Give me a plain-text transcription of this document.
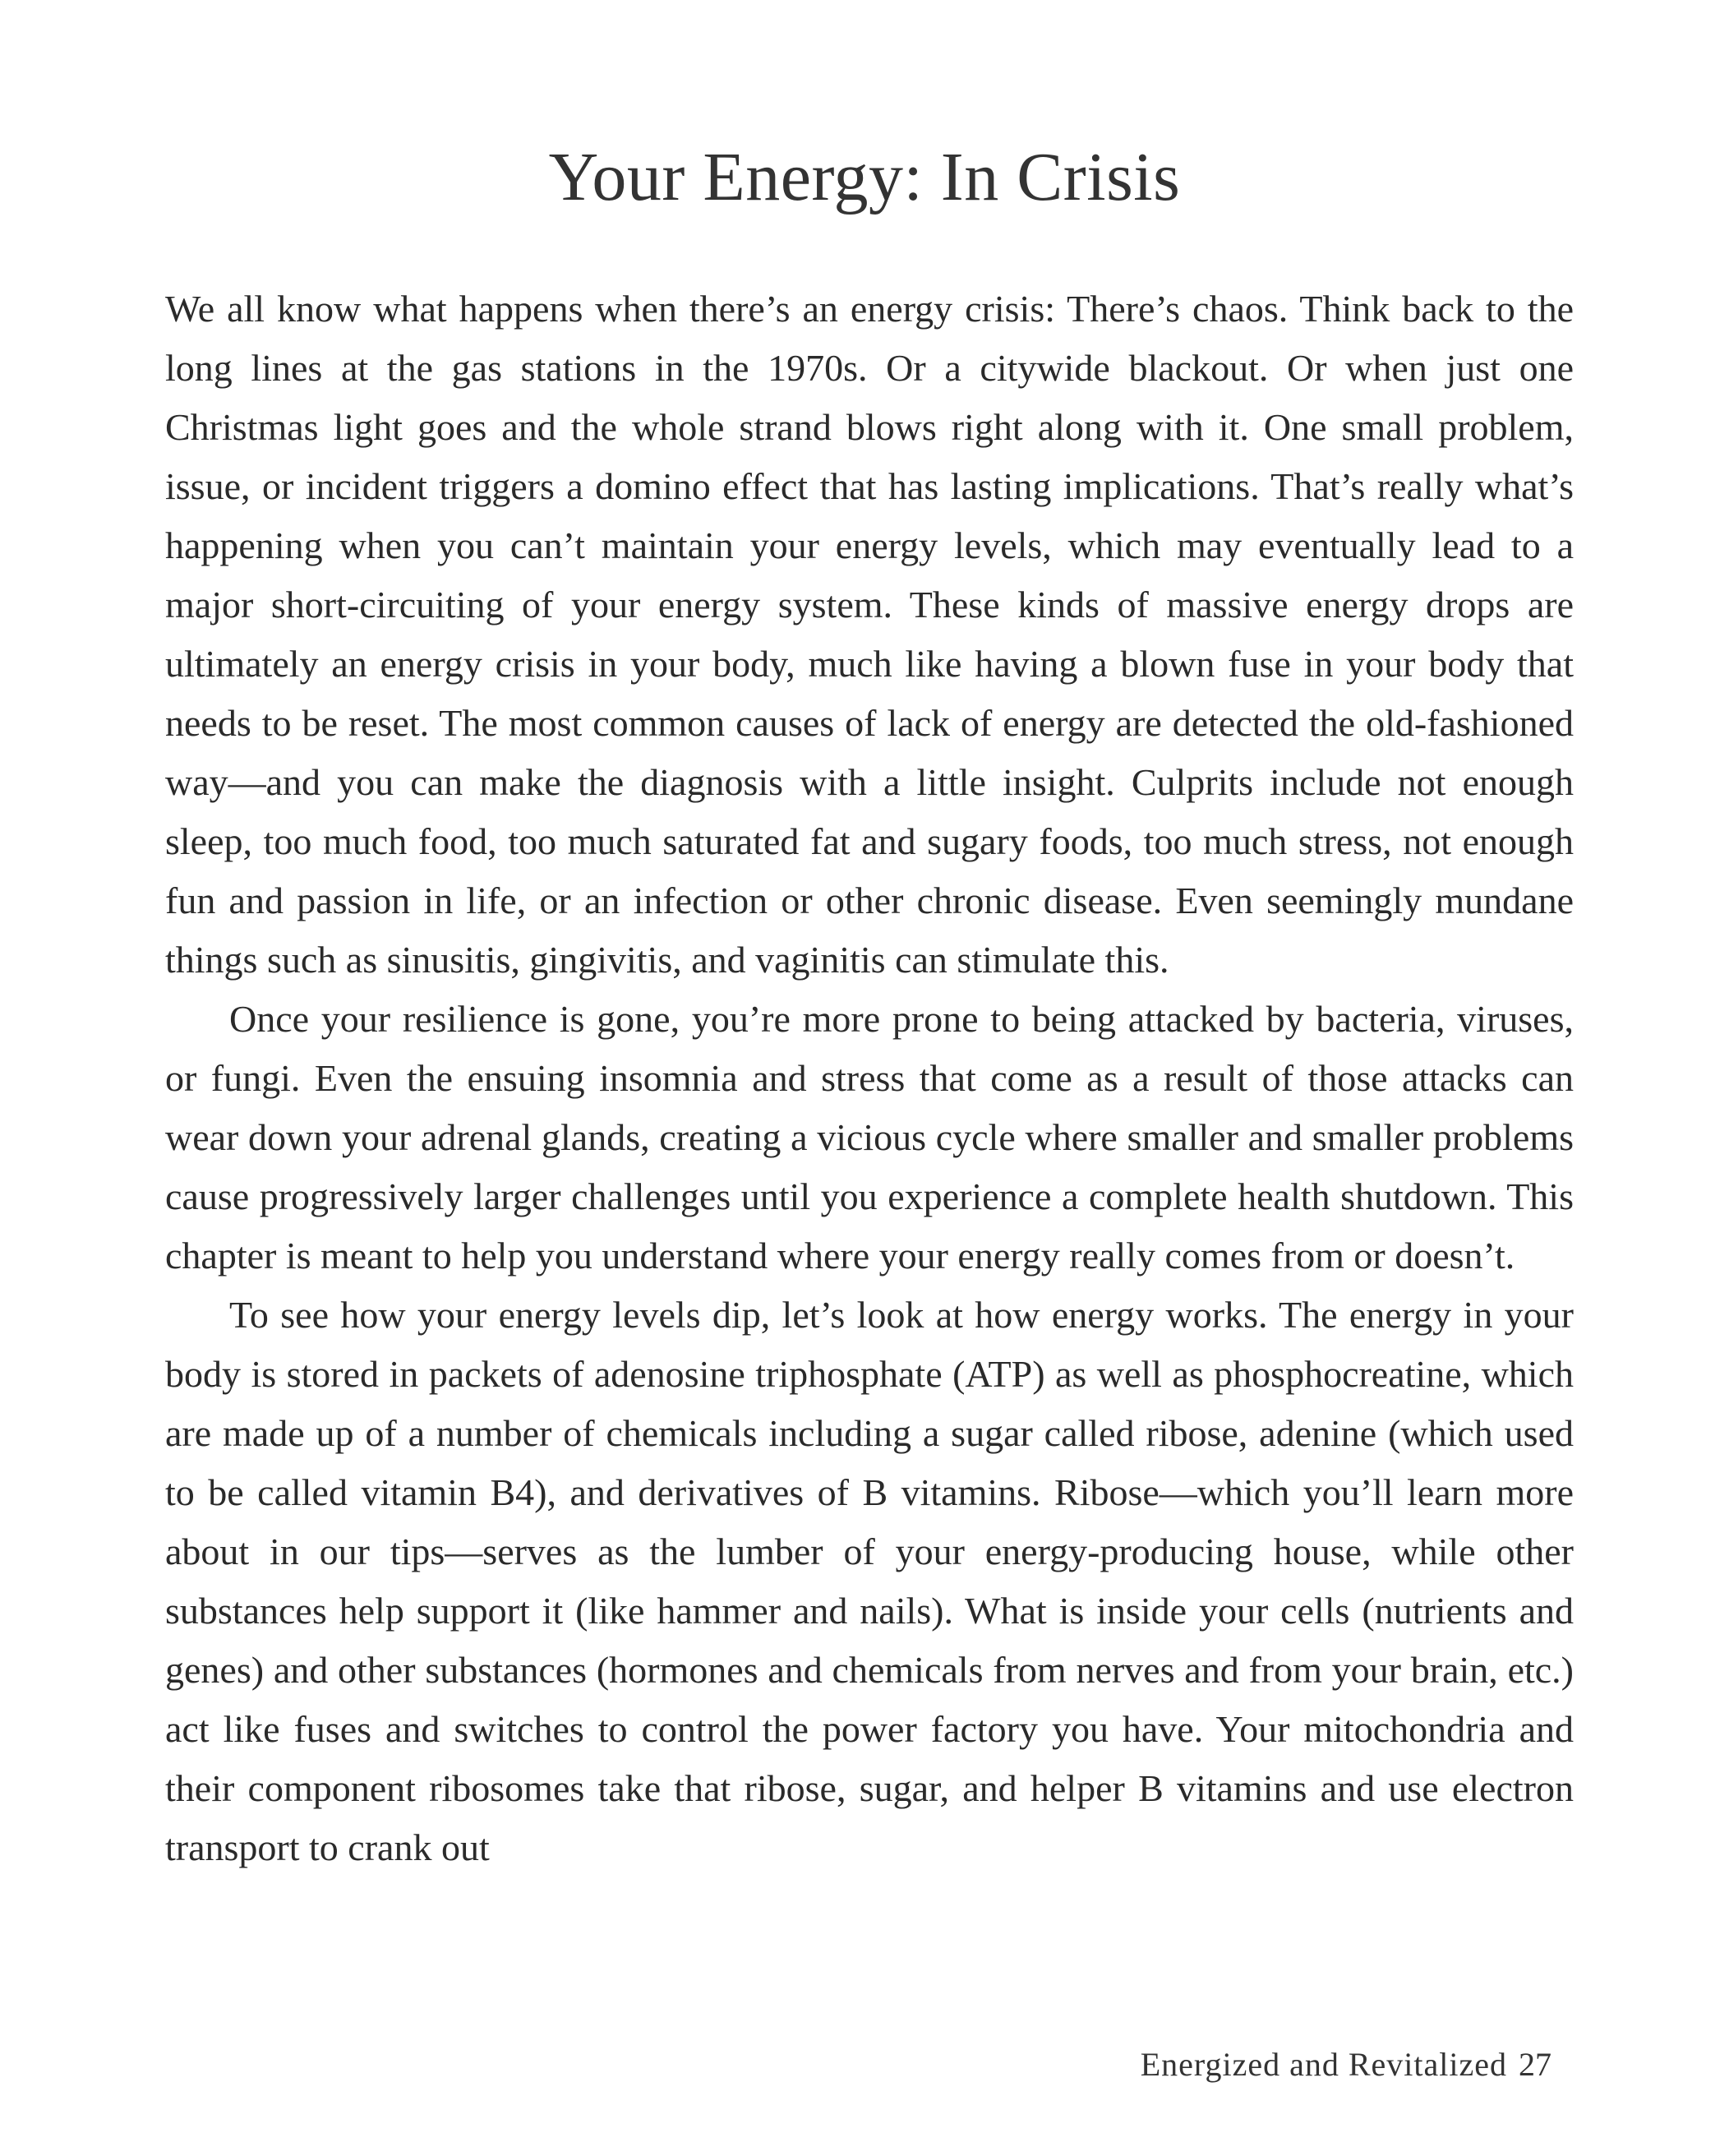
Your Energy: In Crisis

We all know what happens when there’s an energy crisis: There’s chaos. Think back to the long lines at the gas stations in the 1970s. Or a citywide blackout. Or when just one Christmas light goes and the whole strand blows right along with it. One small problem, issue, or incident triggers a domino effect that has lasting implications. That’s really what’s happening when you can’t maintain your energy levels, which may eventually lead to a major short-circuiting of your energy system. These kinds of massive energy drops are ultimately an energy crisis in your body, much like having a blown fuse in your body that needs to be reset. The most common causes of lack of energy are detected the old-fashioned way—and you can make the diagnosis with a little insight. Culprits include not enough sleep, too much food, too much saturated fat and sugary foods, too much stress, not enough fun and passion in life, or an infection or other chronic disease. Even seemingly mundane things such as sinusitis, gingivitis, and vaginitis can stimulate this.

Once your resilience is gone, you’re more prone to being attacked by bacteria, viruses, or fungi. Even the ensuing insomnia and stress that come as a result of those attacks can wear down your adrenal glands, creating a vicious cycle where smaller and smaller problems cause progressively larger challenges until you experience a complete health shutdown. This chapter is meant to help you understand where your energy really comes from or doesn’t.

To see how your energy levels dip, let’s look at how energy works. The energy in your body is stored in packets of adenosine triphosphate (ATP) as well as phosphocreatine, which are made up of a number of chemicals including a sugar called ribose, adenine (which used to be called vitamin B4), and derivatives of B vitamins. Ribose—which you’ll learn more about in our tips—serves as the lumber of your energy-producing house, while other substances help support it (like hammer and nails). What is inside your cells (nutrients and genes) and other substances (hormones and chemicals from nerves and from your brain, etc.) act like fuses and switches to control the power factory you have. Your mitochondria and their component ribosomes take that ribose, sugar, and helper B vitamins and use electron transport to crank out

Energized and Revitalized 27
